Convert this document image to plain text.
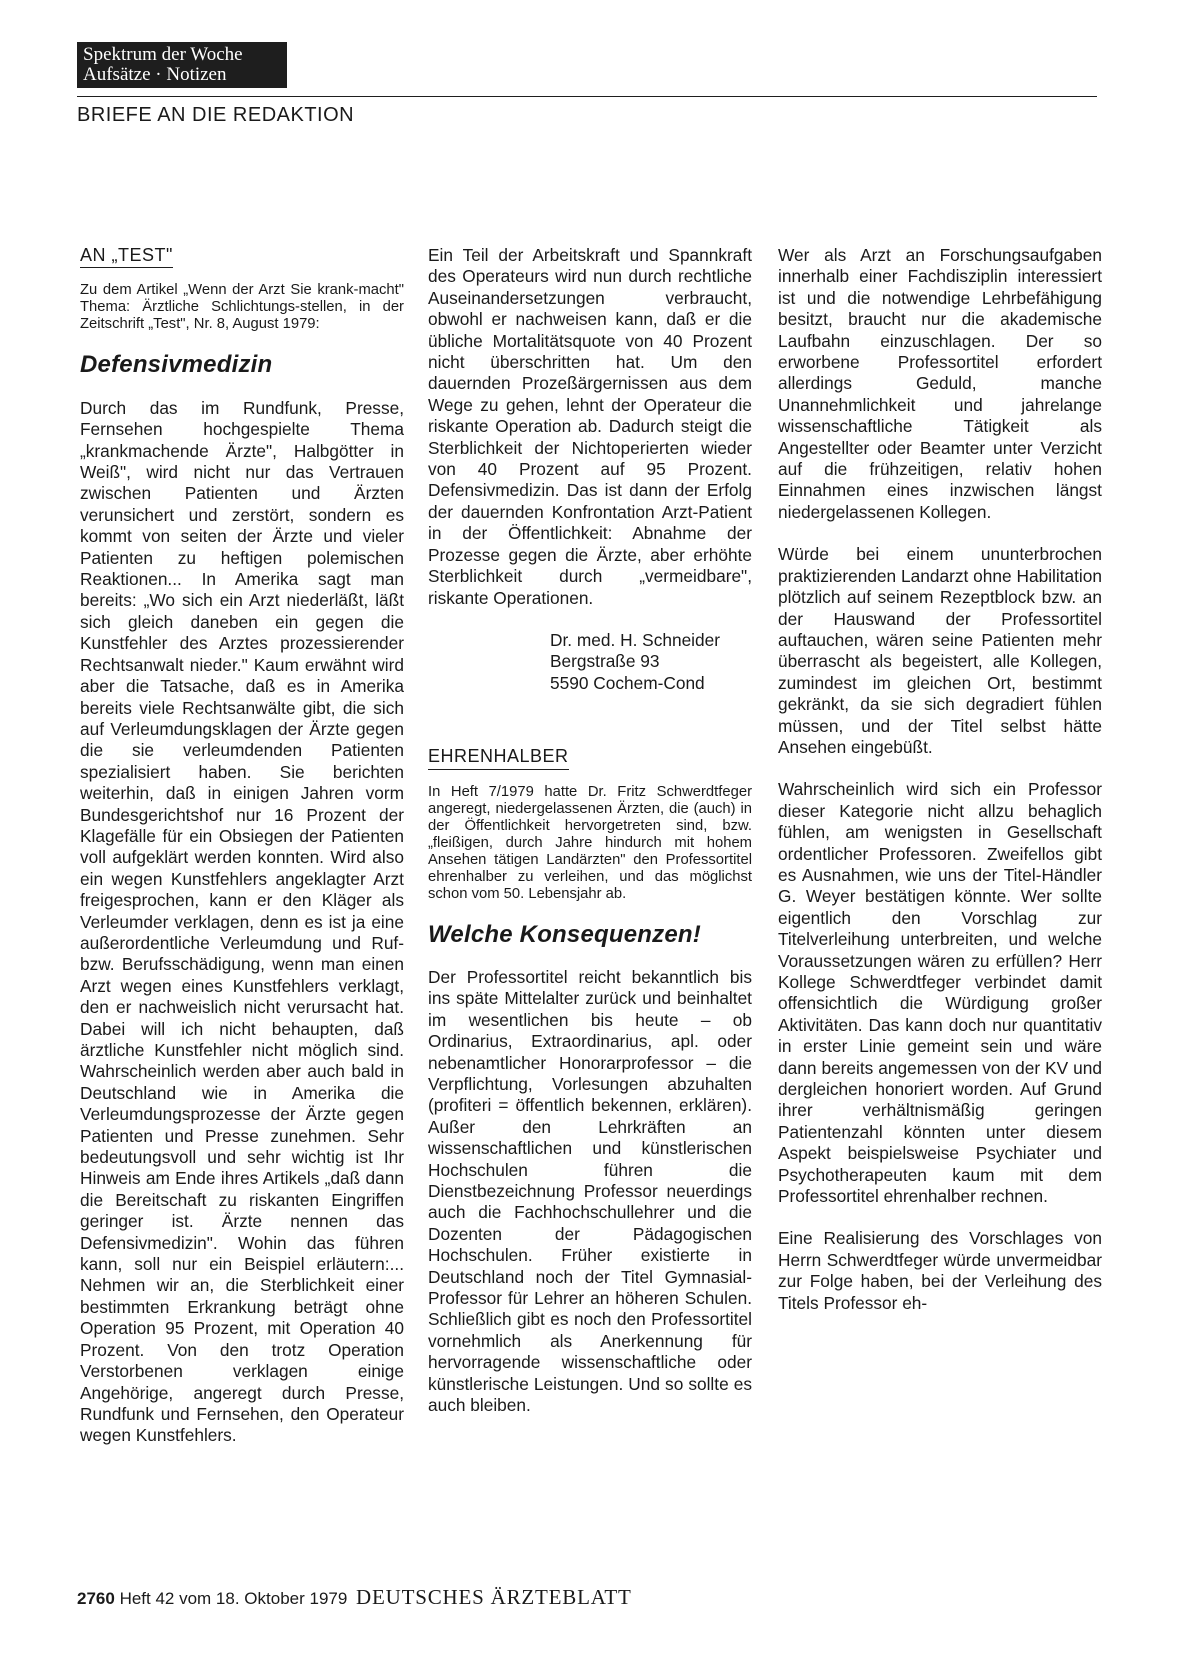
Spektrum der Woche
Aufsätze · Notizen
BRIEFE AN DIE REDAKTION
AN „TEST"

Zu dem Artikel „Wenn der Arzt Sie krank-macht" Thema: Ärztliche Schlichtungs-stellen, in der Zeitschrift „Test", Nr. 8, August 1979:

Defensivmedizin

Durch das im Rundfunk, Presse, Fernsehen hochgespielte Thema „krankmachende Ärzte", Halbgötter in Weiß", wird nicht nur das Vertrauen zwischen Patienten und Ärzten verunsichert und zerstört, sondern es kommt von seiten der Ärzte und vieler Patienten zu heftigen polemischen Reaktionen... In Amerika sagt man bereits: „Wo sich ein Arzt niederläßt, läßt sich gleich daneben ein gegen die Kunstfehler des Arztes prozessierender Rechtsanwalt nieder." Kaum erwähnt wird aber die Tatsache, daß es in Amerika bereits viele Rechtsanwälte gibt, die sich auf Verleumdungsklagen der Ärzte gegen die sie verleumdenden Patienten spezialisiert haben. Sie berichten weiterhin, daß in einigen Jahren vorm Bundesgerichtshof nur 16 Prozent der Klagefälle für ein Obsiegen der Patienten voll aufgeklärt werden konnten. Wird also ein wegen Kunstfehlers angeklagter Arzt freigesprochen, kann er den Kläger als Verleumder verklagen, denn es ist ja eine außerordentliche Verleumdung und Ruf- bzw. Berufsschädigung, wenn man einen Arzt wegen eines Kunstfehlers verklagt, den er nachweislich nicht verursacht hat. Dabei will ich nicht behaupten, daß ärztliche Kunstfehler nicht möglich sind. Wahrscheinlich werden aber auch bald in Deutschland wie in Amerika die Verleumdungsprozesse der Ärzte gegen Patienten und Presse zunehmen. Sehr bedeutungsvoll und sehr wichtig ist Ihr Hinweis am Ende ihres Artikels „daß dann die Bereitschaft zu riskanten Eingriffen geringer ist. Ärzte nennen das Defensivmedizin". Wohin das führen kann, soll nur ein Beispiel erläutern:... Nehmen wir an, die Sterblichkeit einer bestimmten Erkrankung beträgt ohne Operation 95 Prozent, mit Operation 40 Prozent. Von den trotz Operation Verstorbenen verklagen einige Angehörige, angeregt durch Presse, Rundfunk und Fernsehen, den Operateur wegen Kunstfehlers.

Ein Teil der Arbeitskraft und Spannkraft des Operateurs wird nun durch rechtliche Auseinandersetzungen verbraucht, obwohl er nachweisen kann, daß er die übliche Mortalitätsquote von 40 Prozent nicht überschritten hat. Um den dauernden Prozeßärgernissen aus dem Wege zu gehen, lehnt der Operateur die riskante Operation ab. Dadurch steigt die Sterblichkeit der Nichtoperierten wieder von 40 Prozent auf 95 Prozent. Defensivmedizin. Das ist dann der Erfolg der dauernden Konfrontation Arzt-Patient in der Öffentlichkeit: Abnahme der Prozesse gegen die Ärzte, aber erhöhte Sterblichkeit durch „vermeidbare", riskante Operationen.

Dr. med. H. Schneider
Bergstraße 93
5590 Cochem-Cond
EHRENHALBER

In Heft 7/1979 hatte Dr. Fritz Schwerdtfeger angeregt, niedergelassenen Ärzten, die (auch) in der Öffentlichkeit hervorgetreten sind, bzw. „fleißigen, durch Jahre hindurch mit hohem Ansehen tätigen Landärzten" den Professortitel ehrenhalber zu verleihen, und das möglichst schon vom 50. Lebensjahr ab.

Welche Konsequenzen!

Der Professortitel reicht bekanntlich bis ins späte Mittelalter zurück und beinhaltet im wesentlichen bis heute – ob Ordinarius, Extraordinarius, apl. oder nebenamtlicher Honorarprofessor – die Verpflichtung, Vorlesungen abzuhalten (profiteri = öffentlich bekennen, erklären). Außer den Lehrkräften an wissenschaftlichen und künstlerischen Hochschulen führen die Dienstbezeichnung Professor neuerdings auch die Fachhochschullehrer und die Dozenten der Pädagogischen Hochschulen. Früher existierte in Deutschland noch der Titel Gymnasial-Professor für Lehrer an höheren Schulen. Schließlich gibt es noch den Professortitel vornehmlich als Anerkennung für hervorragende wissenschaftliche oder künstlerische Leistungen. Und so sollte es auch bleiben.

Wer als Arzt an Forschungsaufgaben innerhalb einer Fachdisziplin interessiert ist und die notwendige Lehrbefähigung besitzt, braucht nur die akademische Laufbahn einzuschlagen. Der so erworbene Professortitel erfordert allerdings Geduld, manche Unannehmlichkeit und jahrelange wissenschaftliche Tätigkeit als Angestellter oder Beamter unter Verzicht auf die frühzeitigen, relativ hohen Einnahmen eines inzwischen längst niedergelassenen Kollegen.

Würde bei einem ununterbrochen praktizierenden Landarzt ohne Habilitation plötzlich auf seinem Rezeptblock bzw. an der Hauswand der Professortitel auftauchen, wären seine Patienten mehr überrascht als begeistert, alle Kollegen, zumindest im gleichen Ort, bestimmt gekränkt, da sie sich degradiert fühlen müssen, und der Titel selbst hätte Ansehen eingebüßt.

Wahrscheinlich wird sich ein Professor dieser Kategorie nicht allzu behaglich fühlen, am wenigsten in Gesellschaft ordentlicher Professoren. Zweifellos gibt es Ausnahmen, wie uns der Titel-Händler G. Weyer bestätigen könnte. Wer sollte eigentlich den Vorschlag zur Titelverleihung unterbreiten, und welche Voraussetzungen wären zu erfüllen? Herr Kollege Schwerdtfeger verbindet damit offensichtlich die Würdigung großer Aktivitäten. Das kann doch nur quantitativ in erster Linie gemeint sein und wäre dann bereits angemessen von der KV und dergleichen honoriert worden. Auf Grund ihrer verhältnismäßig geringen Patientenzahl könnten unter diesem Aspekt beispielsweise Psychiater und Psychotherapeuten kaum mit dem Professortitel ehrenhalber rechnen.

Eine Realisierung des Vorschlages von Herrn Schwerdtfeger würde unvermeidbar zur Folge haben, bei der Verleihung des Titels Professor eh-

2760 Heft 42 vom 18. Oktober 1979 DEUTSCHES ÄRZTEBLATT
